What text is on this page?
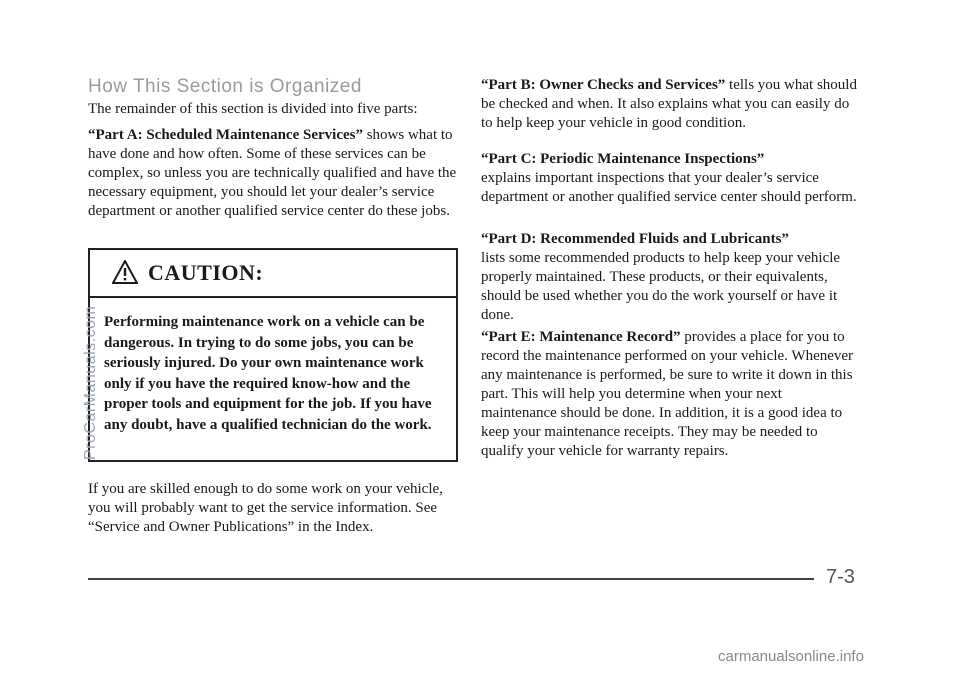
How This Section is Organized
The remainder of this section is divided into five parts:
“Part A: Scheduled Maintenance Services” shows what to have done and how often. Some of these services can be complex, so unless you are technically qualified and have the necessary equipment, you should let your dealer’s service department or another qualified service center do these jobs.
CAUTION:
Performing maintenance work on a vehicle can be dangerous. In trying to do some jobs, you can be seriously injured. Do your own maintenance work only if you have the required know-how and the proper tools and equipment for the job. If you have any doubt, have a qualified technician do the work.
If you are skilled enough to do some work on your vehicle, you will probably want to get the service information. See “Service and Owner Publications” in the Index.
“Part B: Owner Checks and Services” tells you what should be checked and when. It also explains what you can easily do to help keep your vehicle in good condition.
“Part C: Periodic Maintenance Inspections”
explains important inspections that your dealer’s service department or another qualified service center should perform.
“Part D: Recommended Fluids and Lubricants”
lists some recommended products to help keep your vehicle properly maintained. These products, or their equivalents, should be used whether you do the work yourself or have it done.
“Part E: Maintenance Record” provides a place for you to record the maintenance performed on your vehicle. Whenever any maintenance is performed, be sure to write it down in this part. This will help you determine when your next maintenance should be done. In addition, it is a good idea to keep your maintenance receipts. They may be needed to qualify your vehicle for warranty repairs.
ProCarManuals.com
7-3
carmanualsonline.info
